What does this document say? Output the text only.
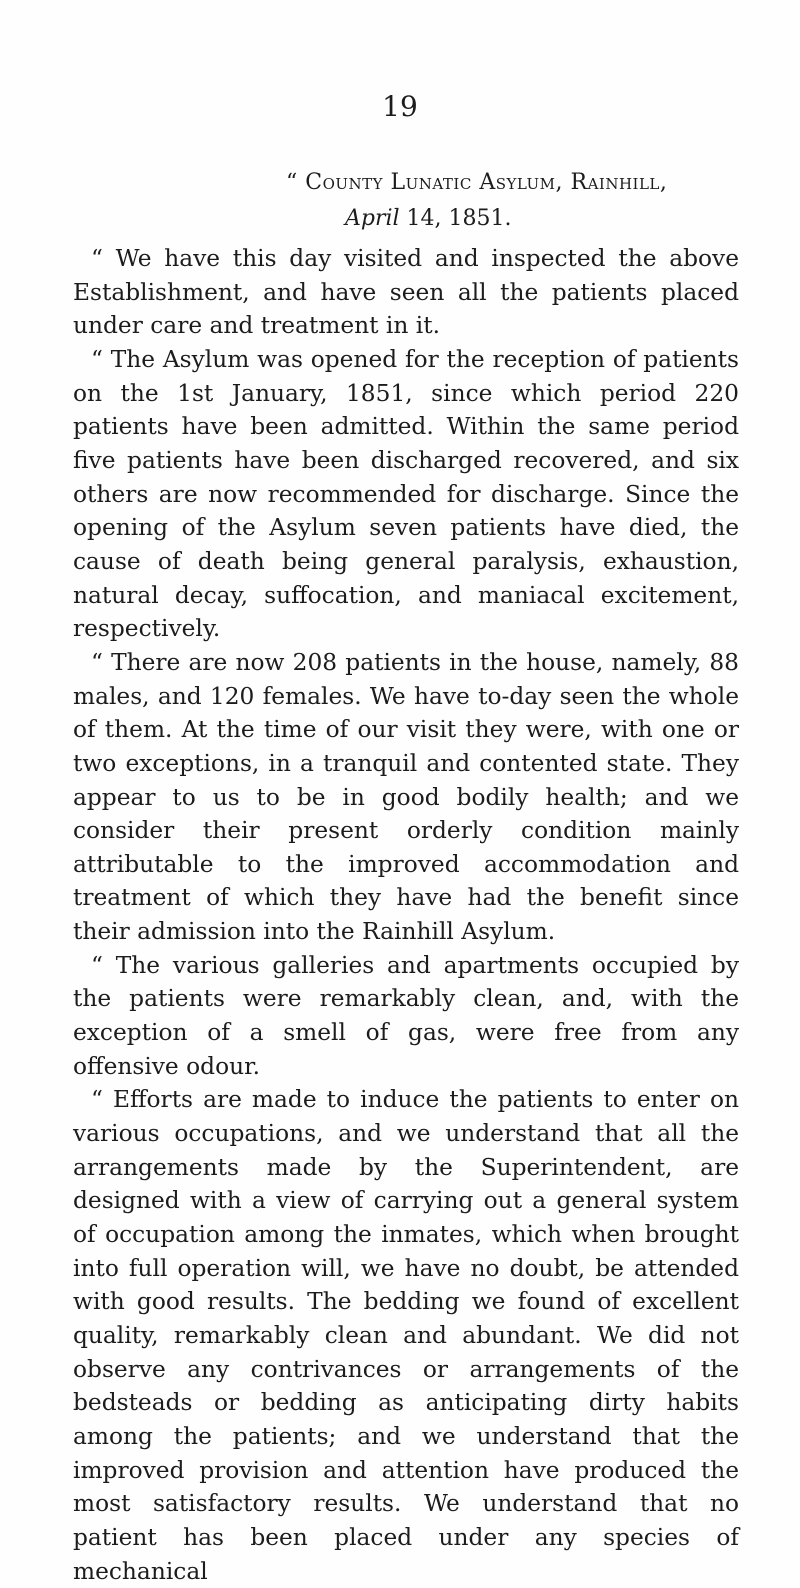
19
“ County Lunatic Asylum, Rainhill,
April 14, 1851.

“ We have this day visited and inspected the above Establishment, and have seen all the patients placed under care and treatment in it.

“ The Asylum was opened for the reception of patients on the 1st January, 1851, since which period 220 patients have been admitted. Within the same period five patients have been discharged recovered, and six others are now recommended for discharge. Since the opening of the Asylum seven patients have died, the cause of death being general paralysis, exhaustion, natural decay, suffocation, and maniacal excitement, respectively.

“ There are now 208 patients in the house, namely, 88 males, and 120 females. We have to-day seen the whole of them. At the time of our visit they were, with one or two exceptions, in a tranquil and contented state. They appear to us to be in good bodily health; and we consider their present orderly condition mainly attributable to the improved accommodation and treatment of which they have had the benefit since their admission into the Rainhill Asylum.

“ The various galleries and apartments occupied by the patients were remarkably clean, and, with the exception of a smell of gas, were free from any offensive odour.

“ Efforts are made to induce the patients to enter on various occupations, and we understand that all the arrangements made by the Superintendent, are designed with a view of carrying out a general system of occupation among the inmates, which when brought into full operation will, we have no doubt, be attended with good results. The bedding we found of excellent quality, remarkably clean and abundant. We did not observe any contrivances or arrangements of the bedsteads or bedding as anticipating dirty habits among the patients; and we understand that the improved provision and attention have produced the most satisfactory results. We understand that no patient has been placed under any species of mechanical
